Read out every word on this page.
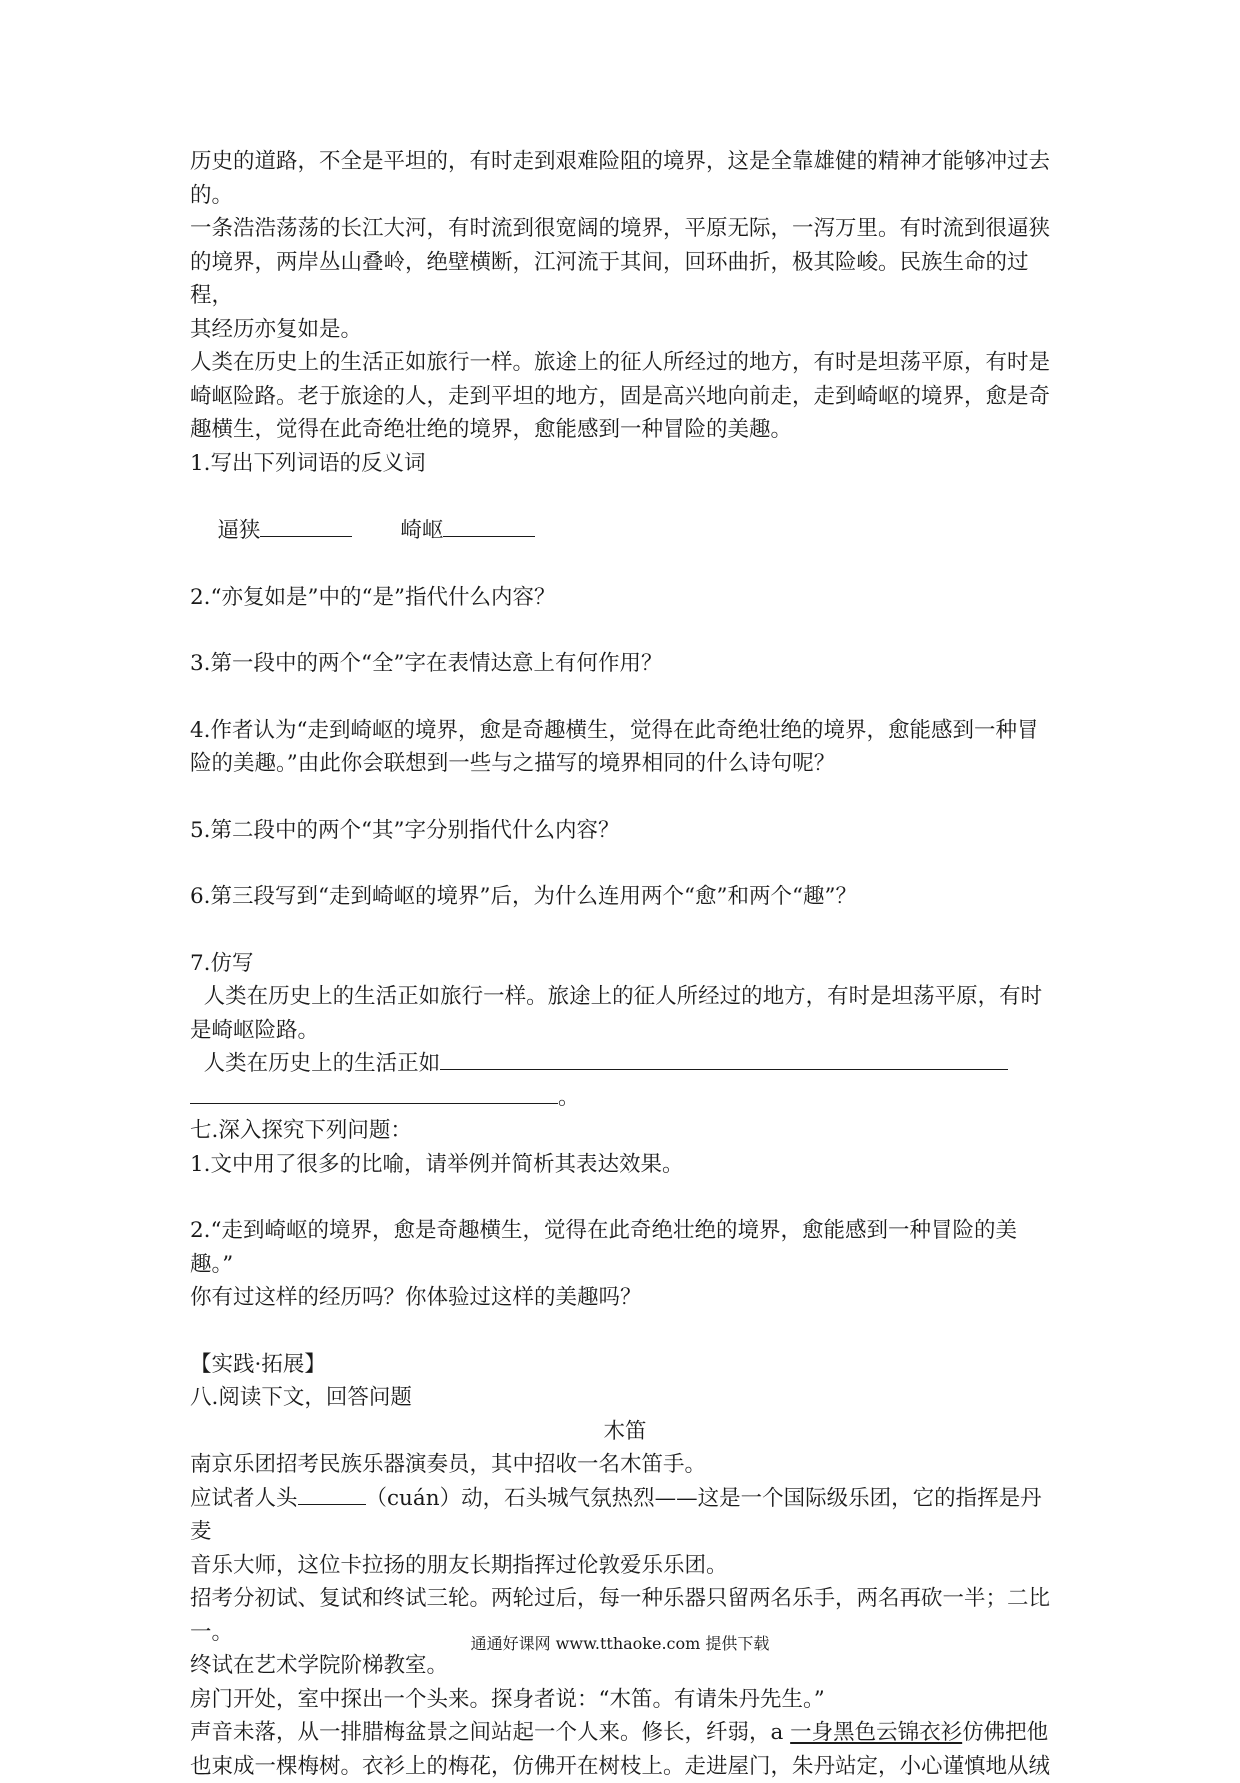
历史的道路，不全是平坦的，有时走到艰难险阻的境界，这是全靠雄健的精神才能够冲过去
的。
一条浩浩荡荡的长江大河，有时流到很宽阔的境界，平原无际，一泻万里。有时流到很逼狭
的境界，两岸丛山叠岭，绝壁横断，江河流于其间，回环曲折，极其险峻。民族生命的过程，
其经历亦复如是。
人类在历史上的生活正如旅行一样。旅途上的征人所经过的地方，有时是坦荡平原，有时是
崎岖险路。老于旅途的人，走到平坦的地方，固是高兴地向前走，走到崎岖的境界，愈是奇
趣横生，觉得在此奇绝壮绝的境界，愈能感到一种冒险的美趣。
1.写出下列词语的反义词

逼狭	崎岖

2.“亦复如是”中的“是”指代什么内容？
3.第一段中的两个“全”字在表情达意上有何作用？
4.作者认为“走到崎岖的境界，愈是奇趣横生，觉得在此奇绝壮绝的境界，愈能感到一种冒
险的美趣。”由此你会联想到一些与之描写的境界相同的什么诗句呢？
5.第二段中的两个“其”字分别指代什么内容？
6.第三段写到“走到崎岖的境界”后，为什么连用两个“愈”和两个“趣”？
7.仿写
人类在历史上的生活正如旅行一样。旅途上的征人所经过的地方，有时是坦荡平原，有时
是崎岖险路。
人类在历史上的生活正如
。
七.深入探究下列问题：
1.文中用了很多的比喻，请举例并简析其表达效果。
2.“走到崎岖的境界，愈是奇趣横生，觉得在此奇绝壮绝的境界，愈能感到一种冒险的美趣。”
你有过这样的经历吗？你体验过这样的美趣吗？
【实践·拓展】
八.阅读下文，回答问题
木笛
南京乐团招考民族乐器演奏员，其中招收一名木笛手。
应试者人头	（cuán）动，石头城气氛热烈——这是一个国际级乐团，它的指挥是丹麦
音乐大师，这位卡拉扬的朋友长期指挥过伦敦爱乐乐团。
招考分初试、复试和终试三轮。两轮过后，每一种乐器只留两名乐手，两名再砍一半；二比
一。
终试在艺术学院阶梯教室。
房门开处，室中探出一个头来。探身者说：“木笛。有请朱丹先生。”
声音未落，从一排腊梅盆景之间站起一个人来。修长，纤弱，a 一身黑色云锦衣衫仿佛把他
也束成一棵梅树。衣衫上的梅花，仿佛开在树枝上。走进屋门，朱丹站定，小心谨慎地从绒
通通好课网 www.tthaoke.com 提供下载
